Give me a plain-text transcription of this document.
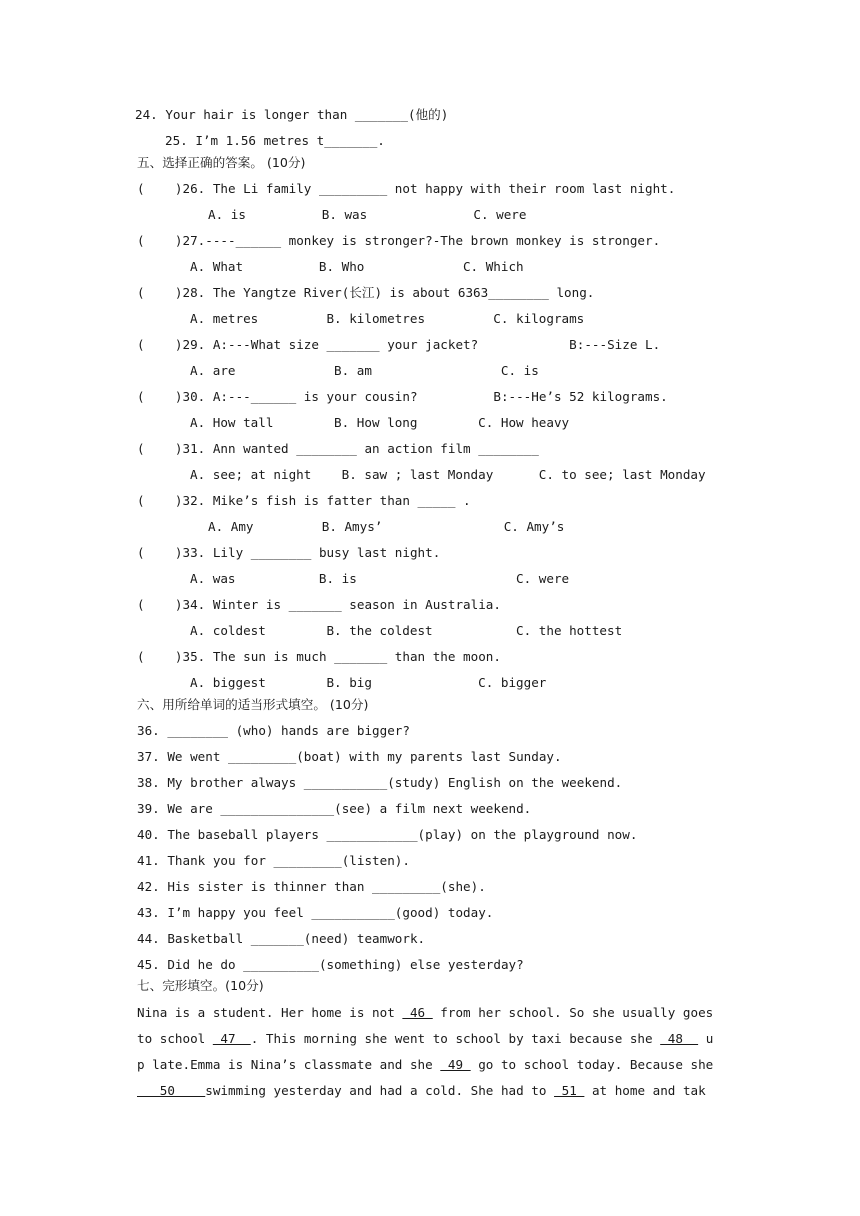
24. Your hair is longer than _______(他的)
25. I’m 1.56 metres t_______.
五、选择正确的答案。 (10分)
(    )26. The Li family _________ not happy with their room last night.
A. is          B. was              C. were
(    )27.----______ monkey is stronger?-The brown monkey is stronger.
A. What          B. Who             C. Which
(    )28. The Yangtze River(长江) is about 6363________ long.
A. metres         B. kilometres         C. kilograms
(    )29. A:---What size _______ your jacket?            B:---Size L.
A. are             B. am                 C. is
(    )30. A:---______ is your cousin?          B:---He’s 52 kilograms.
A. How tall        B. How long        C. How heavy
(    )31. Ann wanted ________ an action film ________
A. see; at night    B. saw ; last Monday      C. to see; last Monday
(    )32. Mike’s fish is fatter than _____ .
A. Amy         B. Amys’                C. Amy’s
(    )33. Lily ________ busy last night.
A. was           B. is                     C. were
(    )34. Winter is _______ season in Australia.
A. coldest        B. the coldest           C. the hottest
(    )35. The sun is much _______ than the moon.
A. biggest        B. big              C. bigger
六、用所给单词的适当形式填空。 (10分)
36. ________ (who) hands are bigger?
37. We went _________(boat) with my parents last Sunday.
38. My brother always ___________(study) English on the weekend.
39. We are _______________(see) a film next weekend.
40. The baseball players ____________(play) on the playground now.
41. Thank you for _________(listen).
42. His sister is thinner than _________(she).
43. I’m happy you feel ___________(good) today.
44. Basketball _______(need) teamwork.
45. Did he do __________(something) else yesterday?
七、完形填空。(10分)
Nina is a student. Her home is not  46  from her school. So she usually goes
to school  47  . This morning she went to school by taxi because she  48   u
p late.Emma is Nina’s classmate and she  49  go to school today. Because she
50    swimming yesterday and had a cold. She had to  51  at home and tak
